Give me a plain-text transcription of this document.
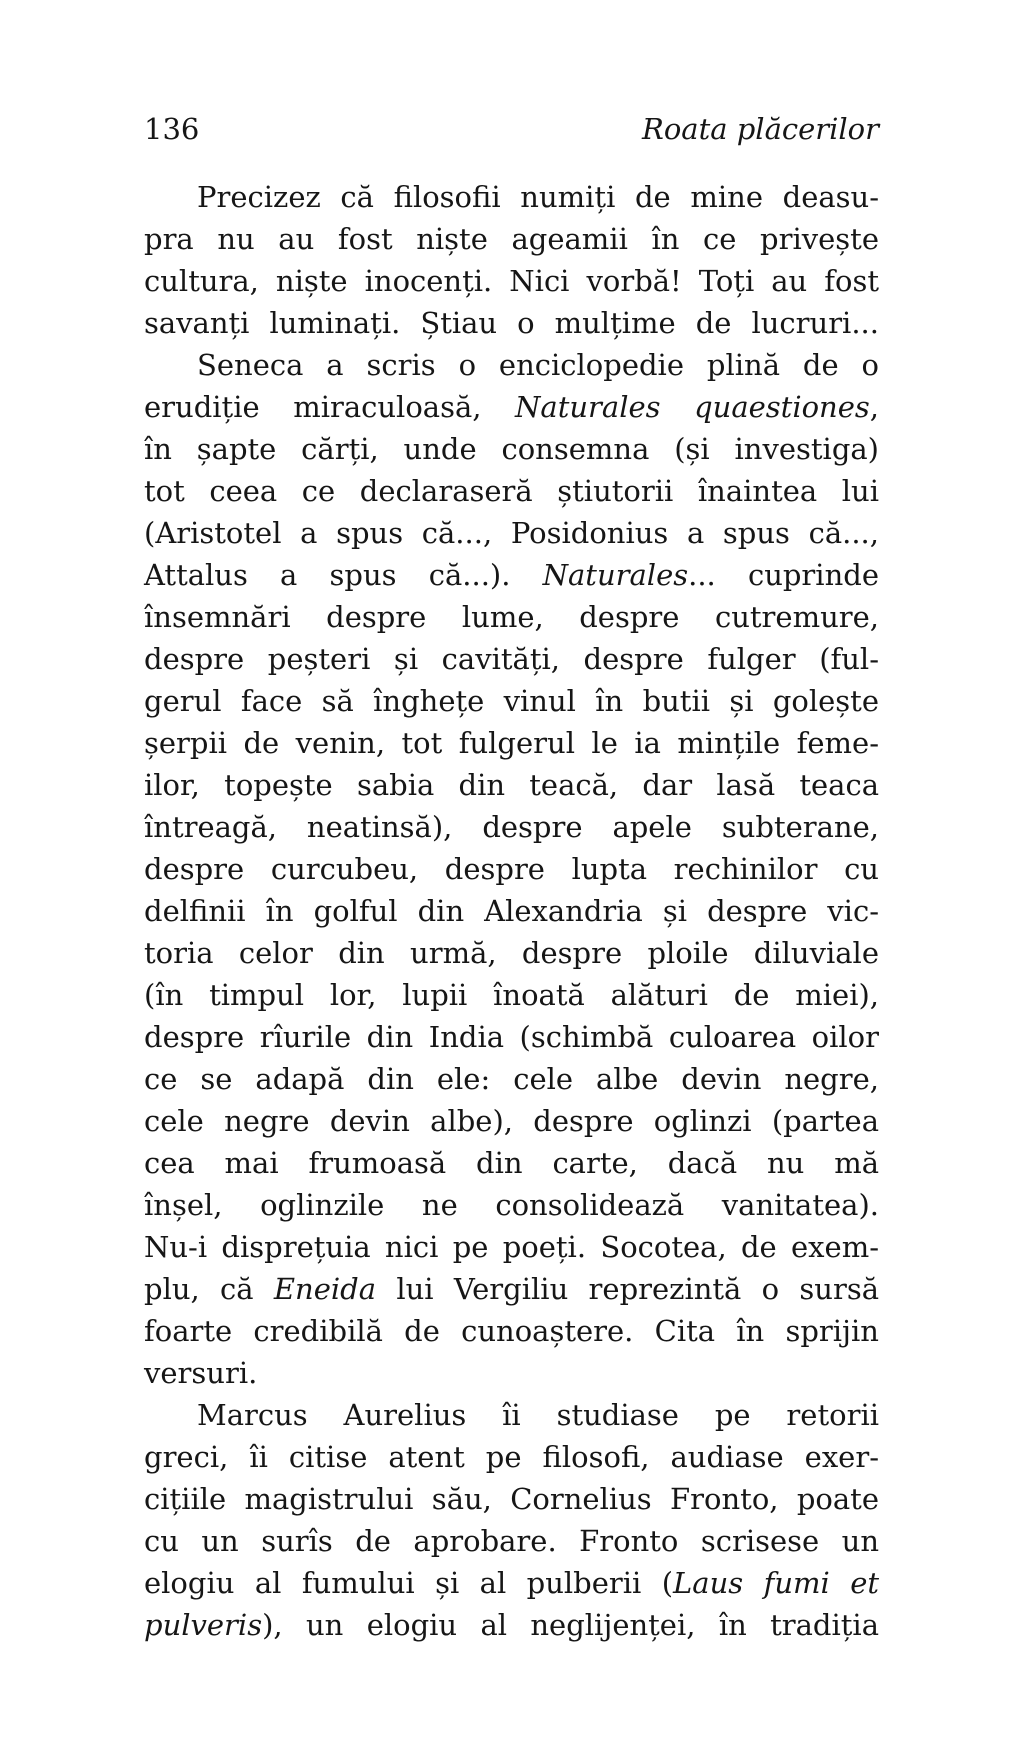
136	Roata plăcerilor
Precizez că filosofii numiți de mine deasu-
pra nu au fost niște ageamii în ce privește
cultura, niște inocenți. Nici vorbă! Toți au fost
savanți luminați. Știau o mulțime de lucruri...
Seneca a scris o enciclopedie plină de o
erudiție miraculoasă, Naturales quaestiones,
în șapte cărți, unde consemna (și investiga)
tot ceea ce declaraseră știutorii înaintea lui
(Aristotel a spus că..., Posidonius a spus că...,
Attalus a spus că...). Naturales... cuprinde
însemnări despre lume, despre cutremure,
despre peșteri și cavități, despre fulger (ful-
gerul face să înghețe vinul în butii și golește
șerpii de venin, tot fulgerul le ia mințile feme-
ilor, topește sabia din teacă, dar lasă teaca
întreagă, neatinsă), despre apele subterane,
despre curcubeu, despre lupta rechinilor cu
delfinii în golful din Alexandria și despre vic-
toria celor din urmă, despre ploile diluviale
(în timpul lor, lupii înoată alături de miei),
despre rîurile din India (schimbă culoarea oilor
ce se adapă din ele: cele albe devin negre,
cele negre devin albe), despre oglinzi (partea
cea mai frumoasă din carte, dacă nu mă
înșel, oglinzile ne consolidează vanitatea).
Nu-i disprețuia nici pe poeți. Socotea, de exem-
plu, că Eneida lui Vergiliu reprezintă o sursă
foarte credibilă de cunoaștere. Cita în sprijin
versuri.
Marcus Aurelius îi studiase pe retorii
greci, îi citise atent pe filosofi, audiase exer-
cițiile magistrului său, Cornelius Fronto, poate
cu un surîs de aprobare. Fronto scrisese un
elogiu al fumului și al pulberii (Laus fumi et
pulveris), un elogiu al neglijenței, în tradiția
